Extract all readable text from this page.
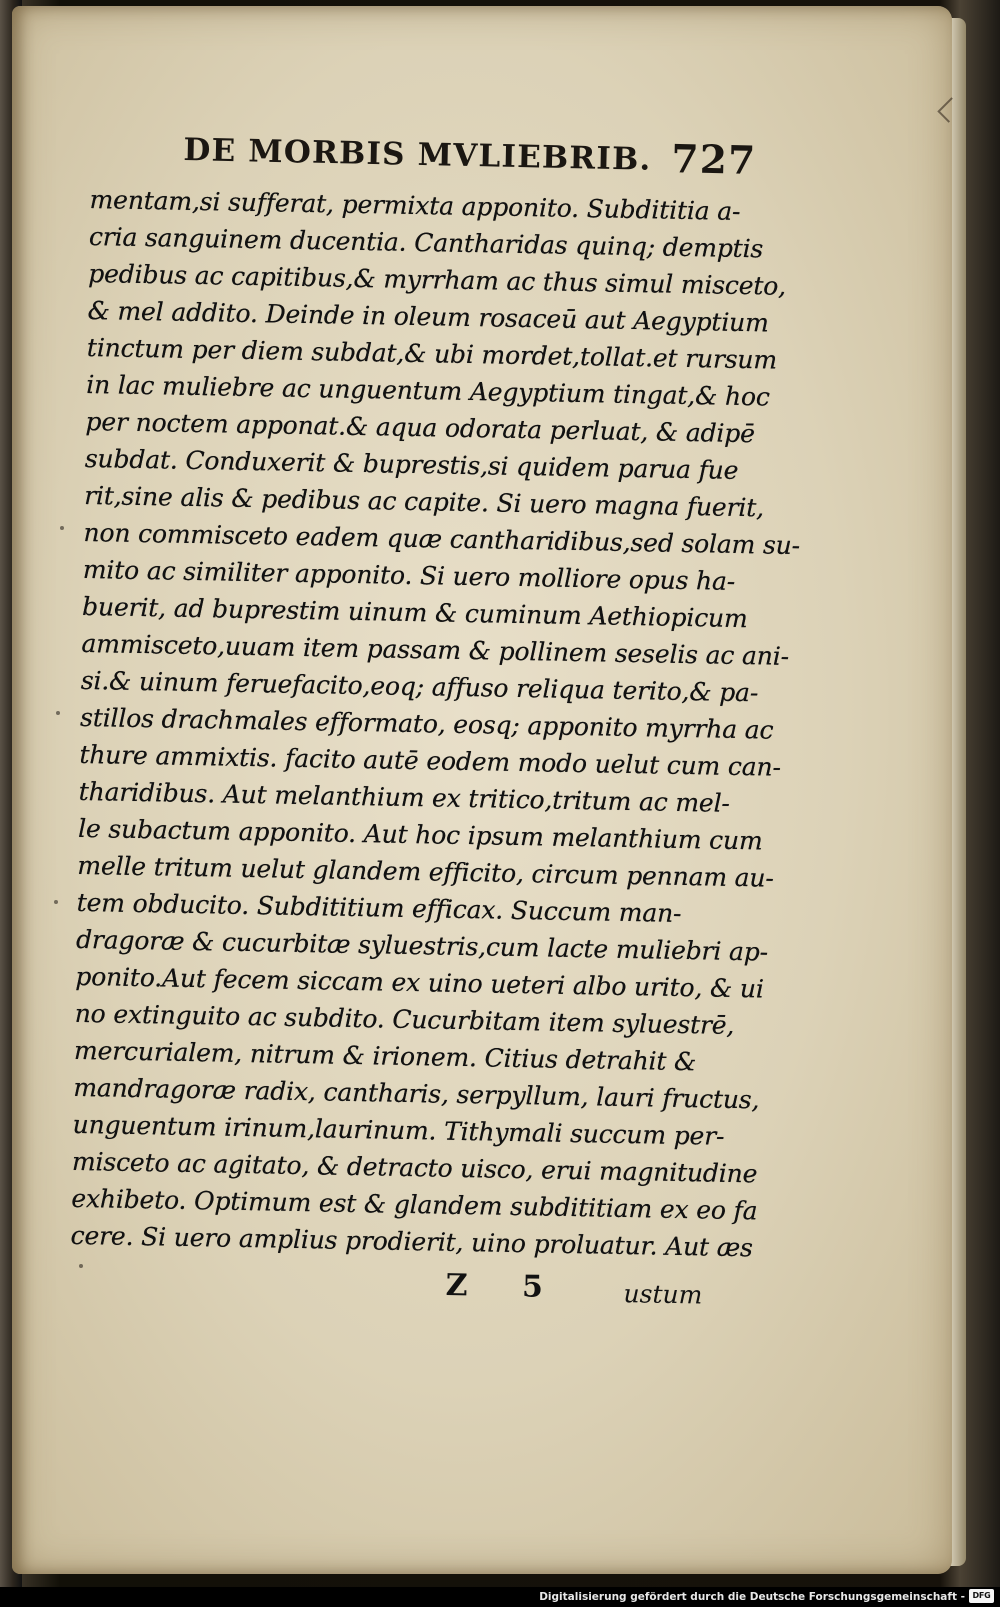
DE MORBIS MVLIEBRIB. 727
mentam,si sufferat, permixta apponito. Subdititia a-
cria sanguinem ducentia. Cantharidas quinq; demptis
pedibus ac capitibus,& myrrham ac thus simul misceto,
& mel addito. Deinde in oleum rosaceū aut Aegyptium
tinctum per diem subdat,& ubi mordet,tollat.et rursum
in lac muliebre ac unguentum Aegyptium tingat,& hoc
per noctem apponat.& aqua odorata perluat, & adipē
subdat. Conduxerit & buprestis,si quidem parua fue
rit,sine alis & pedibus ac capite. Si uero magna fuerit,
non commisceto eadem quæ cantharidibus,sed solam su-
mito ac similiter apponito. Si uero molliore opus ha-
buerit, ad buprestim uinum & cuminum Aethiopicum
ammisceto,uuam item passam & pollinem seselis ac ani-
si.& uinum feruefacito,eoq; affuso reliqua terito,& pa-
stillos drachmales efformato, eosq; apponito myrrha ac
thure ammixtis. facito autē eodem modo uelut cum can-
tharidibus. Aut melanthium ex tritico,tritum ac mel-
le subactum apponito. Aut hoc ipsum melanthium cum
melle tritum uelut glandem efficito, circum pennam au-
tem obducito. Subdititium efficax. Succum man-
dragoræ & cucurbitæ syluestris,cum lacte muliebri ap-
ponito.Aut fecem siccam ex uino ueteri albo urito, & ui
no extinguito ac subdito. Cucurbitam item syluestrē,
mercurialem, nitrum & irionem. Citius detrahit &
mandragoræ radix, cantharis, serpyllum, lauri fructus,
unguentum irinum,laurinum. Tithymali succum per-
misceto ac agitato, & detracto uisco, erui magnitudine
exhibeto. Optimum est & glandem subdititiam ex eo fa
cere. Si uero amplius prodierit, uino proluatur. Aut æs
Z 5 ustum
Digitalisierung gefördert durch die Deutsche Forschungsgemeinschaft - DFG
